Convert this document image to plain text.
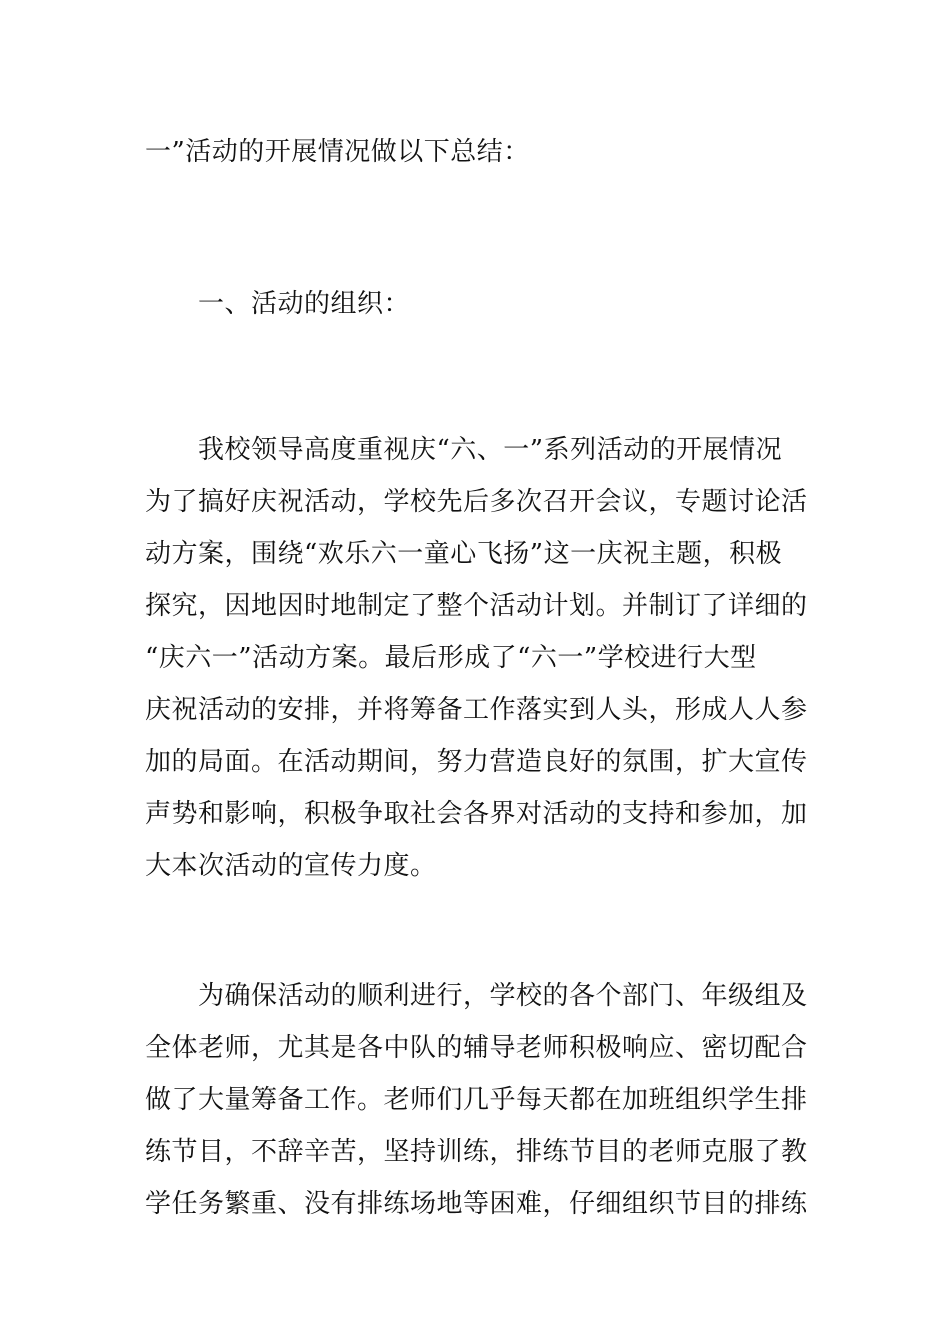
一”活动的开展情况做以下总结：
　　一、活动的组织：
　　我校领导高度重视庆“六、一”系列活动的开展情况
为了搞好庆祝活动，学校先后多次召开会议，专题讨论活
动方案，围绕“欢乐六一童心飞扬”这一庆祝主题，积极
探究，因地因时地制定了整个活动计划。并制订了详细的
“庆六一”活动方案。最后形成了“六一”学校进行大型
庆祝活动的安排，并将筹备工作落实到人头，形成人人参
加的局面。在活动期间，努力营造良好的氛围，扩大宣传
声势和影响，积极争取社会各界对活动的支持和参加，加
大本次活动的宣传力度。
　　为确保活动的顺利进行，学校的各个部门、年级组及
全体老师，尤其是各中队的辅导老师积极响应、密切配合
做了大量筹备工作。老师们几乎每天都在加班组织学生排
练节目，不辞辛苦，坚持训练，排练节目的老师克服了教
学任务繁重、没有排练场地等困难，仔细组织节目的排练
